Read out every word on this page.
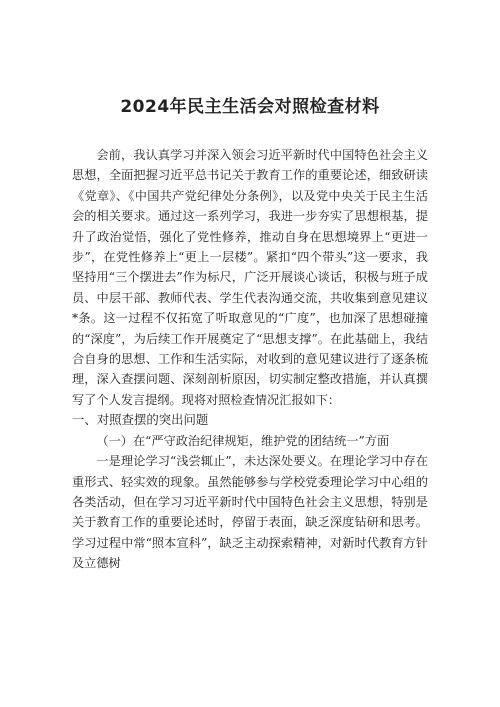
2024年民主生活会对照检查材料

会前，我认真学习并深入领会习近平新时代中国特色社会主义思想，全面把握习近平总书记关于教育工作的重要论述，细致研读《党章》、《中国共产党纪律处分条例》，以及党中央关于民主生活会的相关要求。通过这一系列学习，我进一步夯实了思想根基，提升了政治觉悟，强化了党性修养，推动自身在思想境界上“更进一步”，在党性修养上“更上一层楼”。紧扣“四个带头”这一要求，我坚持用“三个摆进去”作为标尺，广泛开展谈心谈话，积极与班子成员、中层干部、教师代表、学生代表沟通交流，共收集到意见建议*条。这一过程不仅拓宽了听取意见的“广度”，也加深了思想碰撞的“深度”，为后续工作开展奠定了“思想支撑”。在此基础上，我结合自身的思想、工作和生活实际，对收到的意见建议进行了逐条梳理，深入查摆问题、深刻剖析原因，切实制定整改措施，并认真撰写了个人发言提纲。现将对照检查情况汇报如下：

一、对照查摆的突出问题

（一）在“严守政治纪律规矩，维护党的团结统一”方面

一是理论学习“浅尝辄止”，未达深处要义。在理论学习中存在重形式、轻实效的现象。虽然能够参与学校党委理论学习中心组的各类活动，但在学习习近平新时代中国特色社会主义思想，特别是关于教育工作的重要论述时，停留于表面，缺乏深度钻研和思考。学习过程中常“照本宣科”，缺乏主动探索精神，对新时代教育方针及立德树
